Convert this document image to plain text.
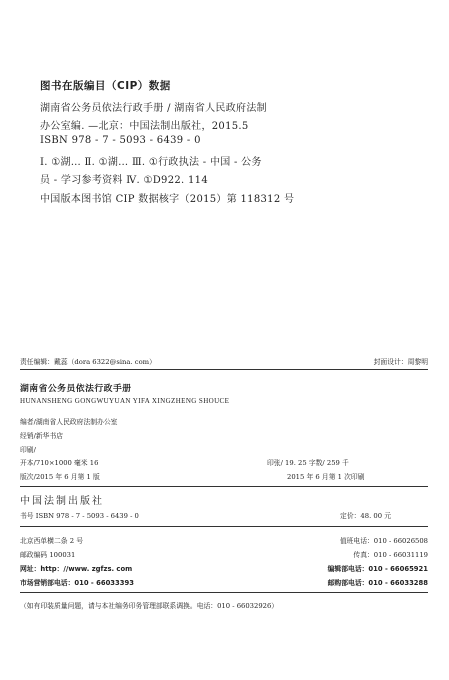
图书在版编目（CIP）数据
湖南省公务员依法行政手册 / 湖南省人民政府法制
办公室编. —北京：中国法制出版社，2015.5
ISBN 978 - 7 - 5093 - 6439 - 0
Ⅰ. ①湖… Ⅱ. ①湖… Ⅲ. ①行政执法 - 中国 - 公务
员 - 学习参考资料 Ⅳ. ①D922. 114
中国版本图书馆 CIP 数据核字（2015）第 118312 号
责任编辑：戴蕊（dora 6322@sina. com）	封面设计：周黎明
湖南省公务员依法行政手册
HUNANSHENG GONGWUYUAN YIFA XINGZHENG SHOUCE
编者/湖南省人民政府法制办公室
经销/新华书店
印刷/
开本/710×1000 毫米 16	印张/ 19. 25 字数/ 259 千
版次/2015 年 6 月第 1 版	2015 年 6 月第 1 次印刷
中国法制出版社
书号 ISBN 978 - 7 - 5093 - 6439 - 0	定价：48. 00 元
北京西单横二条 2 号	值班电话：010 - 66026508
邮政编码 100031	传真：010 - 66031119
网址：http：//www. zgfzs. com	编辑部电话：010 - 66065921
市场营销部电话：010 - 66033393	邮购部电话：010 - 66033288
（如有印装质量问题，请与本社编务印务管理部联系调换。电话：010 - 66032926）
